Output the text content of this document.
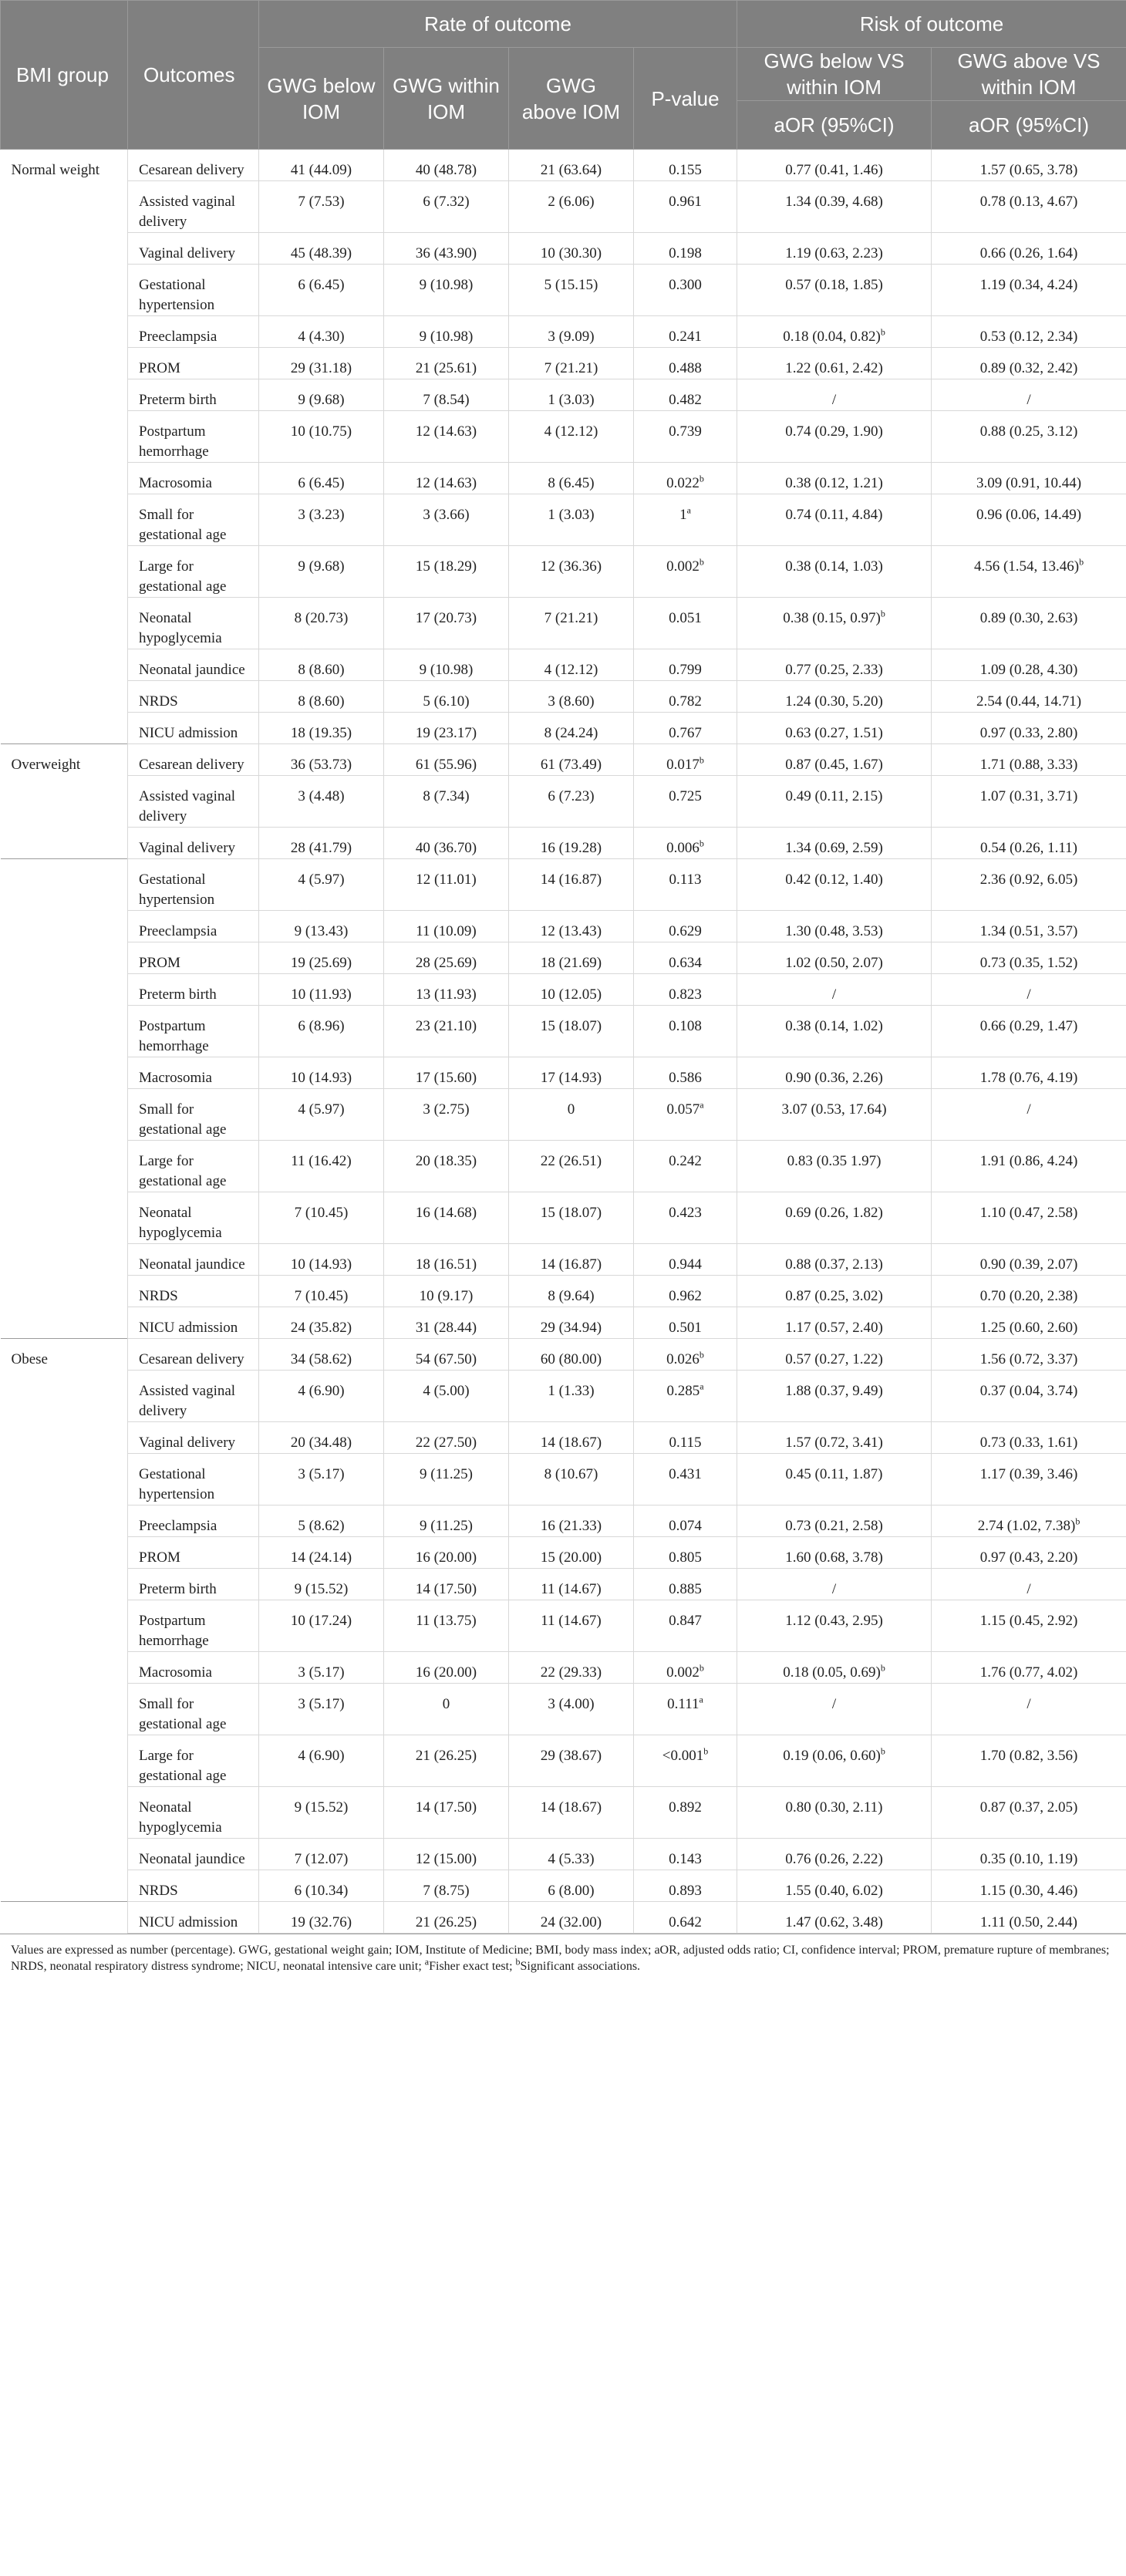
BMI group	Outcomes	Rate of outcome				Risk of outcome	
		GWG below IOM	GWG within IOM	GWG above IOM	P-value	GWG below VS within IOM	GWG above VS within IOM
						aOR (95%CI)	aOR (95%CI)
Normal weight	Cesarean delivery	41 (44.09)	40 (48.78)	21 (63.64)	0.155	0.77 (0.41, 1.46)	1.57 (0.65, 3.78)
	Assisted vaginal delivery	7 (7.53)	6 (7.32)	2 (6.06)	0.961	1.34 (0.39, 4.68)	0.78 (0.13, 4.67)
	Vaginal delivery	45 (48.39)	36 (43.90)	10 (30.30)	0.198	1.19 (0.63, 2.23)	0.66 (0.26, 1.64)
	Gestational hypertension	6 (6.45)	9 (10.98)	5 (15.15)	0.300	0.57 (0.18, 1.85)	1.19 (0.34, 4.24)
	Preeclampsia	4 (4.30)	9 (10.98)	3 (9.09)	0.241	0.18 (0.04, 0.82)$^b$	0.53 (0.12, 2.34)
	PROM	29 (31.18)	21 (25.61)	7 (21.21)	0.488	1.22 (0.61, 2.42)	0.89 (0.32, 2.42)
	Preterm birth	9 (9.68)	7 (8.54)	1 (3.03)	0.482	/	/
	Postpartum hemorrhage	10 (10.75)	12 (14.63)	4 (12.12)	0.739	0.74 (0.29, 1.90)	0.88 (0.25, 3.12)
	Macrosomia	6 (6.45)	12 (14.63)	8 (6.45)	0.022$^b$	0.38 (0.12, 1.21)	3.09 (0.91, 10.44)
	Small for gestational age	3 (3.23)	3 (3.66)	1 (3.03)	1$^a$	0.74 (0.11, 4.84)	0.96 (0.06, 14.49)
	Large for gestational age	9 (9.68)	15 (18.29)	12 (36.36)	0.002$^b$	0.38 (0.14, 1.03)	4.56 (1.54, 13.46)$^b$
	Neonatal hypoglycemia	8 (20.73)	17 (20.73)	7 (21.21)	0.051	0.38 (0.15, 0.97)$^b$	0.89 (0.30, 2.63)
	Neonatal jaundice	8 (8.60)	9 (10.98)	4 (12.12)	0.799	0.77 (0.25, 2.33)	1.09 (0.28, 4.30)
	NRDS	8 (8.60)	5 (6.10)	3 (8.60)	0.782	1.24 (0.30, 5.20)	2.54 (0.44, 14.71)
	NICU admission	18 (19.35)	19 (23.17)	8 (24.24)	0.767	0.63 (0.27, 1.51)	0.97 (0.33, 2.80)
Overweight	Cesarean delivery	36 (53.73)	61 (55.96)	61 (73.49)	0.017$^b$	0.87 (0.45, 1.67)	1.71 (0.88, 3.33)
	Assisted vaginal delivery	3 (4.48)	8 (7.34)	6 (7.23)	0.725	0.49 (0.11, 2.15)	1.07 (0.31, 3.71)
	Vaginal delivery	28 (41.79)	40 (36.70)	16 (19.28)	0.006$^b$	1.34 (0.69, 2.59)	0.54 (0.26, 1.11)
	Gestational hypertension	4 (5.97)	12 (11.01)	14 (16.87)	0.113	0.42 (0.12, 1.40)	2.36 (0.92, 6.05)
	Preeclampsia	9 (13.43)	11 (10.09)	12 (13.43)	0.629	1.30 (0.48, 3.53)	1.34 (0.51, 3.57)
	PROM	19 (25.69)	28 (25.69)	18 (21.69)	0.634	1.02 (0.50, 2.07)	0.73 (0.35, 1.52)
	Preterm birth	10 (11.93)	13 (11.93)	10 (12.05)	0.823	/	/
	Postpartum hemorrhage	6 (8.96)	23 (21.10)	15 (18.07)	0.108	0.38 (0.14, 1.02)	0.66 (0.29, 1.47)
	Macrosomia	10 (14.93)	17 (15.60)	17 (14.93)	0.586	0.90 (0.36, 2.26)	1.78 (0.76, 4.19)
	Small for gestational age	4 (5.97)	3 (2.75)	0	0.057$^a$	3.07 (0.53, 17.64)	/
	Large for gestational age	11 (16.42)	20 (18.35)	22 (26.51)	0.242	0.83 (0.35 1.97)	1.91 (0.86, 4.24)
	Neonatal hypoglycemia	7 (10.45)	16 (14.68)	15 (18.07)	0.423	0.69 (0.26, 1.82)	1.10 (0.47, 2.58)
	Neonatal jaundice	10 (14.93)	18 (16.51)	14 (16.87)	0.944	0.88 (0.37, 2.13)	0.90 (0.39, 2.07)
	NRDS	7 (10.45)	10 (9.17)	8 (9.64)	0.962	0.87 (0.25, 3.02)	0.70 (0.20, 2.38)
	NICU admission	24 (35.82)	31 (28.44)	29 (34.94)	0.501	1.17 (0.57, 2.40)	1.25 (0.60, 2.60)
Obese	Cesarean delivery	34 (58.62)	54 (67.50)	60 (80.00)	0.026$^b$	0.57 (0.27, 1.22)	1.56 (0.72, 3.37)
	Assisted vaginal delivery	4 (6.90)	4 (5.00)	1 (1.33)	0.285$^a$	1.88 (0.37, 9.49)	0.37 (0.04, 3.74)
	Vaginal delivery	20 (34.48)	22 (27.50)	14 (18.67)	0.115	1.57 (0.72, 3.41)	0.73 (0.33, 1.61)
	Gestational hypertension	3 (5.17)	9 (11.25)	8 (10.67)	0.431	0.45 (0.11, 1.87)	1.17 (0.39, 3.46)
	Preeclampsia	5 (8.62)	9 (11.25)	16 (21.33)	0.074	0.73 (0.21, 2.58)	2.74 (1.02, 7.38)$^b$
	PROM	14 (24.14)	16 (20.00)	15 (20.00)	0.805	1.60 (0.68, 3.78)	0.97 (0.43, 2.20)
	Preterm birth	9 (15.52)	14 (17.50)	11 (14.67)	0.885	/	/
	Postpartum hemorrhage	10 (17.24)	11 (13.75)	11 (14.67)	0.847	1.12 (0.43, 2.95)	1.15 (0.45, 2.92)
	Macrosomia	3 (5.17)	16 (20.00)	22 (29.33)	0.002$^b$	0.18 (0.05, 0.69)$^b$	1.76 (0.77, 4.02)
	Small for gestational age	3 (5.17)	0	3 (4.00)	0.111$^a$	/	/
	Large for gestational age	4 (6.90)	21 (26.25)	29 (38.67)	<0.001$^b$	0.19 (0.06, 0.60)$^b$	1.70 (0.82, 3.56)
	Neonatal hypoglycemia	9 (15.52)	14 (17.50)	14 (18.67)	0.892	0.80 (0.30, 2.11)	0.87 (0.37, 2.05)
	Neonatal jaundice	7 (12.07)	12 (15.00)	4 (5.33)	0.143	0.76 (0.26, 2.22)	0.35 (0.10, 1.19)
	NRDS	6 (10.34)	7 (8.75)	6 (8.00)	0.893	1.55 (0.40, 6.02)	1.15 (0.30, 4.46)
	NICU admission	19 (32.76)	21 (26.25)	24 (32.00)	0.642	1.47 (0.62, 3.48)	1.11 (0.50, 2.44)
Values are expressed as number (percentage). GWG, gestational weight gain; IOM, Institute of Medicine; BMI, body mass index; aOR, adjusted odds ratio; CI, confidence interval; PROM, premature rupture of membranes; NRDS, neonatal respiratory distress syndrome; NICU, neonatal intensive care unit; $^a$Fisher exact test; $^b$Significant associations.
